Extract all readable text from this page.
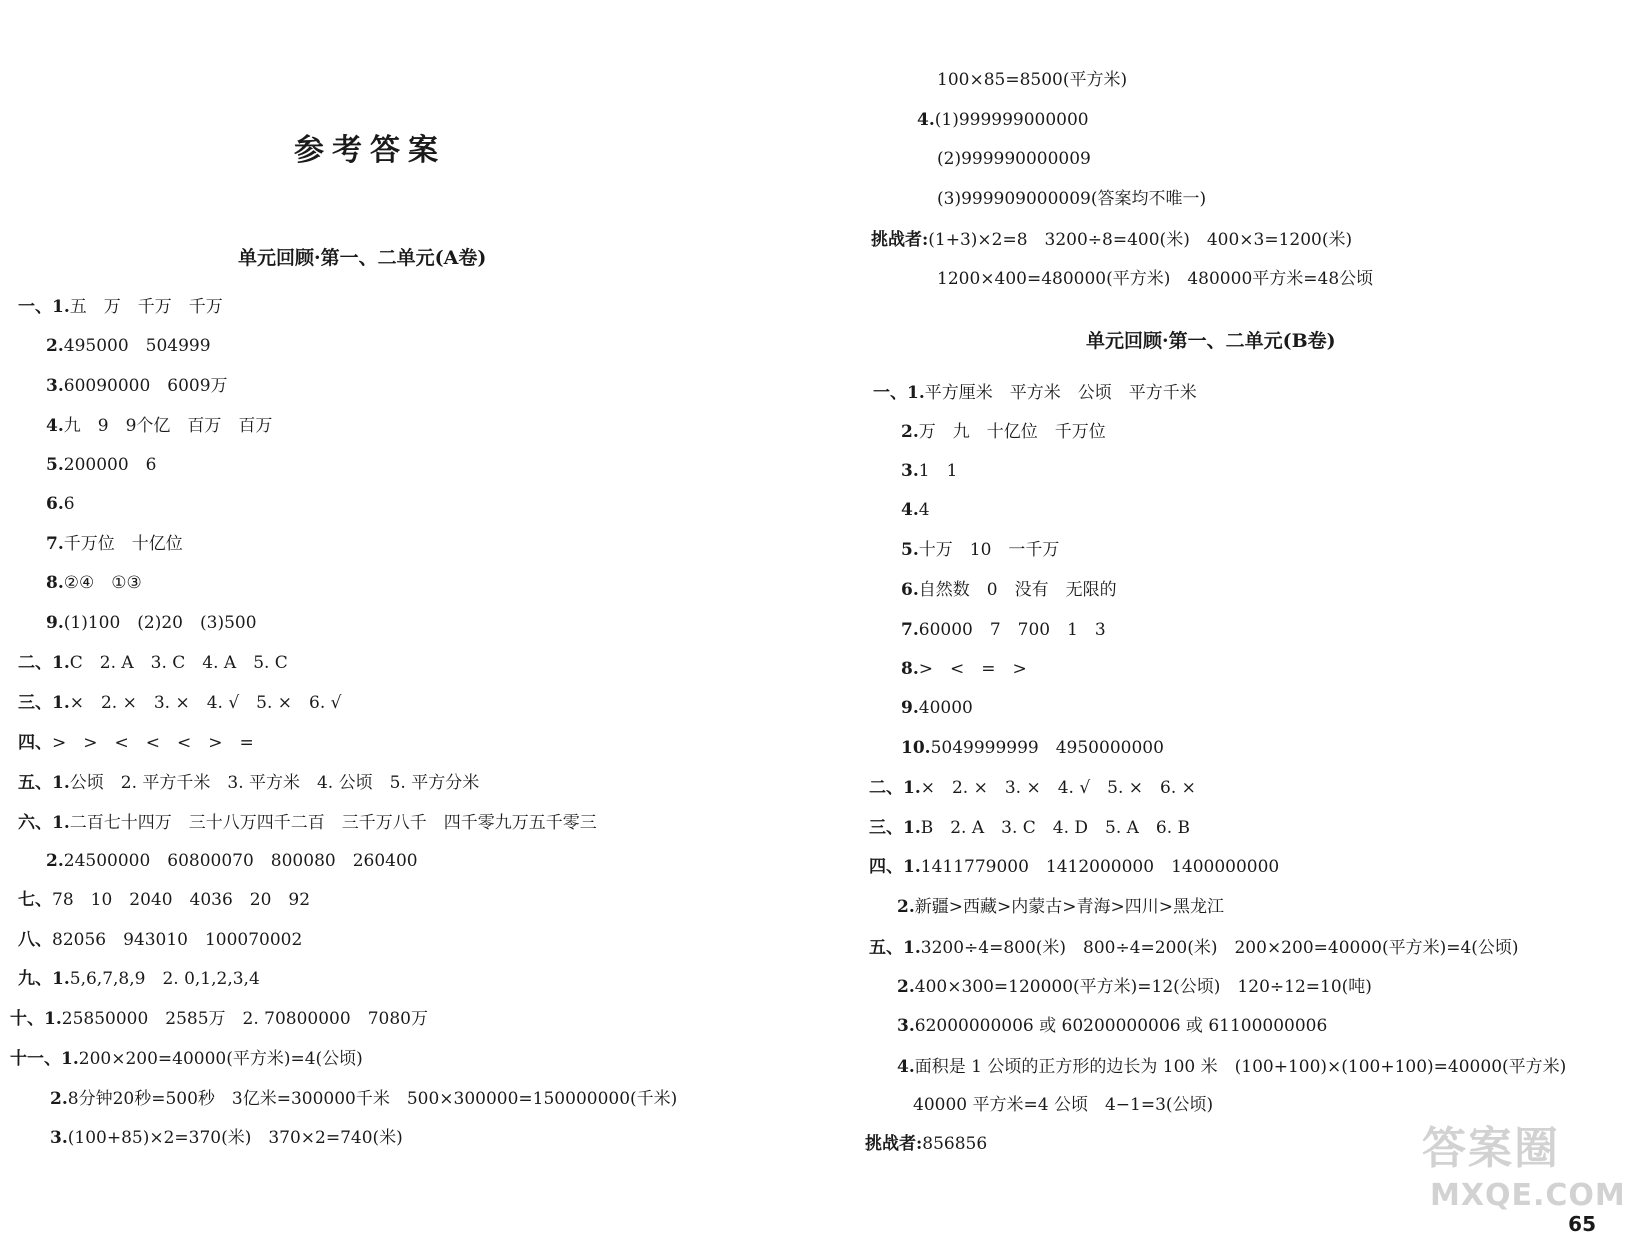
参考答案
单元回顾·第一、二单元(A卷)
一、1.五　万　千万　千万
2.495000　504999
3.60090000　6009万
4.九　9　9个亿　百万　百万
5.200000　6
6.6
7.千万位　十亿位
8.②④　①③
9.(1)100　(2)20　(3)500
二、1.C　2. A　3. C　4. A　5. C
三、1.×　2. ×　3. ×　4. √　5. ×　6. √
四、>　>　<　<　<　>　=
五、1.公顷　2. 平方千米　3. 平方米　4. 公顷　5. 平方分米
六、1.二百七十四万　三十八万四千二百　三千万八千　四千零九万五千零三
2.24500000　60800070　800080　260400
七、78　10　2040　4036　20　92
八、82056　943010　100070002
九、1.5,6,7,8,9　2. 0,1,2,3,4
十、1.25850000　2585万　2. 70800000　7080万
十一、1.200×200=40000(平方米)=4(公顷)
2.8分钟20秒=500秒　3亿米=300000千米　500×300000=150000000(千米)
3.(100+85)×2=370(米)　370×2=740(米)
100×85=8500(平方米)
4.(1)999999000000
(2)999990000009
(3)999909000009(答案均不唯一)
挑战者:(1+3)×2=8　3200÷8=400(米)　400×3=1200(米)
1200×400=480000(平方米)　480000平方米=48公顷
单元回顾·第一、二单元(B卷)
一、1.平方厘米　平方米　公顷　平方千米
2.万　九　十亿位　千万位
3.1　1
4.4
5.十万　10　一千万
6.自然数　0　没有　无限的
7.60000　7　700　1　3
8.>　<　=　>
9.40000
10.5049999999　4950000000
二、1.×　2. ×　3. ×　4. √　5. ×　6. ×
三、1.B　2. A　3. C　4. D　5. A　6. B
四、1.1411779000　1412000000　1400000000
2.新疆>西藏>内蒙古>青海>四川>黑龙江
五、1.3200÷4=800(米)　800÷4=200(米)　200×200=40000(平方米)=4(公顷)
2.400×300=120000(平方米)=12(公顷)　120÷12=10(吨)
3.62000000006 或 60200000006 或 61100000006
4.面积是 1 公顷的正方形的边长为 100 米　(100+100)×(100+100)=40000(平方米)
40000 平方米=4 公顷　4−1=3(公顷)
挑战者:856856	答案圈
MXQE.COM
65
